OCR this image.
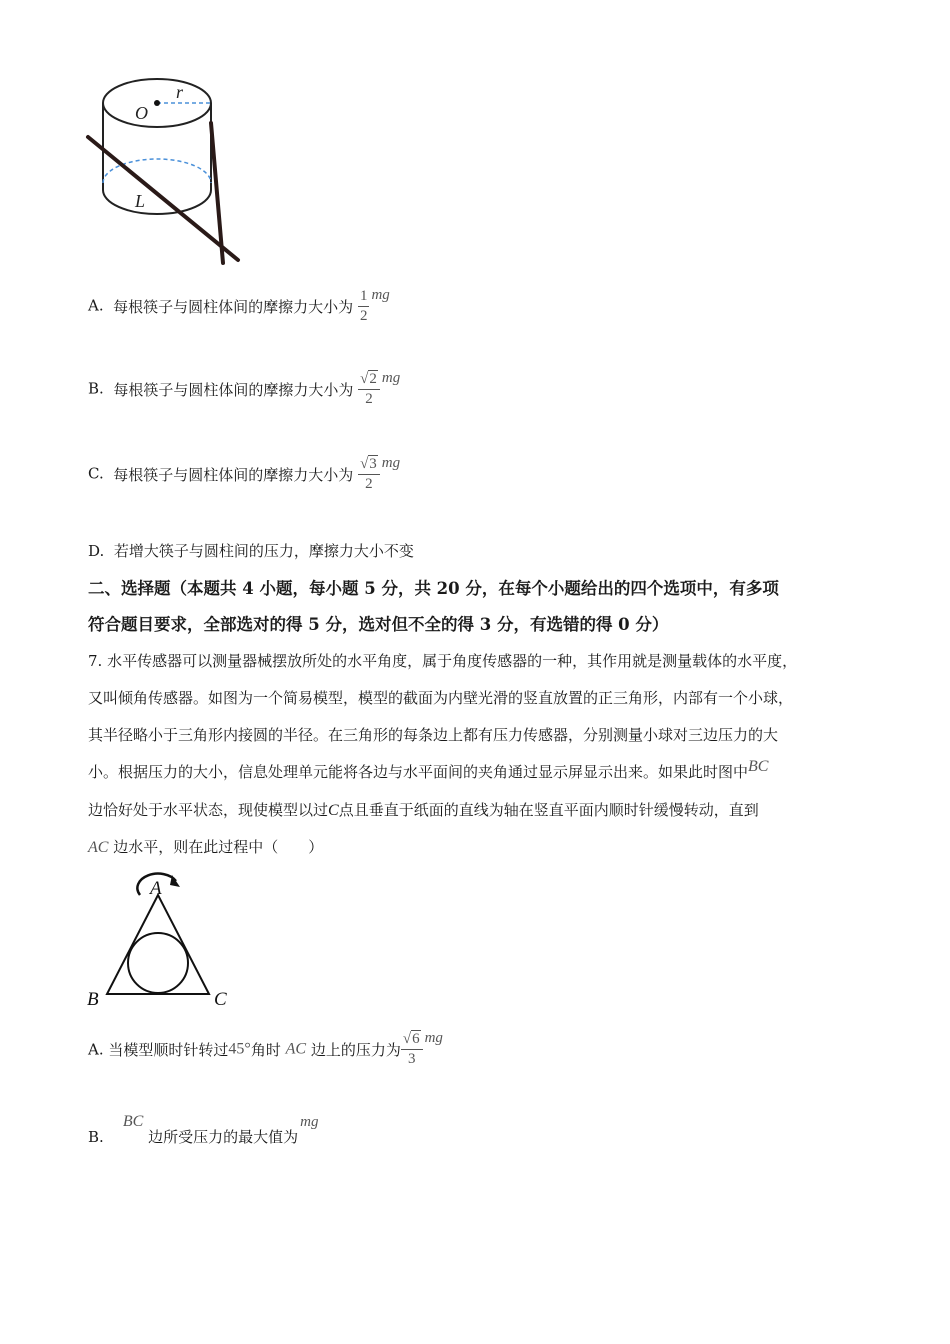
O
r
L
A. 每根筷子与圆柱体间的摩擦力大小为 $\frac{1}{2}$ mg
B. 每根筷子与圆柱体间的摩擦力大小为 $\frac{√2}{2}$ mg
C. 每根筷子与圆柱体间的摩擦力大小为 $\frac{√3}{2}$ mg
D. 若增大筷子与圆柱间的压力，摩擦力大小不变
二、选择题（本题共 4 小题，每小题 5 分，共 20 分，在每个小题给出的四个选项中，有多项
符合题目要求，全部选对的得 5 分，选对但不全的得 3 分，有选错的得 0 分）
7. 水平传感器可以测量器械摆放所处的水平角度，属于角度传感器的一种，其作用就是测量载体的水平度，
又叫倾角传感器。如图为一个简易模型，模型的截面为内壁光滑的竖直放置的正三角形，内部有一个小球，
其半径略小于三角形内接圆的半径。在三角形的每条边上都有压力传感器，分别测量小球对三边压力的大
小。根据压力的大小，信息处理单元能将各边与水平面间的夹角通过显示屏显示出来。如果此时图中BC
边恰好处于水平状态，现使模型以过C点且垂直于纸面的直线为轴在竖直平面内顺时针缓慢转动，直到
AC 边水平，则在此过程中（　　）
A
B	C
A. 当模型顺时针转过45°角时 AC 边上的压力为 $\frac{√6}{3}$ mg
B.    BC 边所受压力的最大值为mg
